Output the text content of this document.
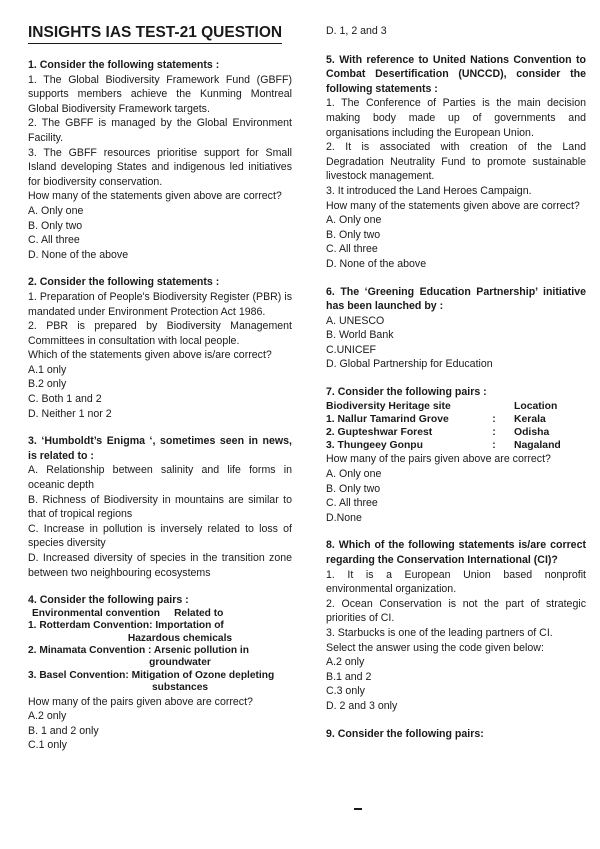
INSIGHTS IAS TEST-21 QUESTION
1. Consider the following statements :
1. The Global Biodiversity Framework Fund (GBFF) supports members achieve the Kunming Montreal Global Biodiversity Framework targets.
2. The GBFF is managed by the Global Environment Facility.
3. The GBFF resources prioritise support for Small Island developing States and indigenous led initiatives for biodiversity conservation.
How many of the statements given above are correct?
A. Only one
B. Only two
C. All three
D. None of the above
2. Consider the following statements :
1. Preparation of People's Biodiversity Register (PBR) is mandated under Environment Protection Act 1986.
2. PBR is prepared by Biodiversity Management Committees in consultation with local people.
Which of the statements given above is/are correct?
A.1 only
B.2 only
C. Both 1 and 2
D. Neither 1 nor 2
3. ‘Humboldt’s Enigma ‘, sometimes seen in news, is related to :
A. Relationship between salinity and life forms in oceanic depth
B. Richness of Biodiversity in mountains are similar to that of tropical regions
C. Increase in pollution is inversely related to loss of species diversity
D. Increased diversity of species in the transition zone between two neighbouring ecosystems
4. Consider the following pairs :
Environmental convention     Related to
1. Rotterdam Convention: Importation of
Hazardous chemicals
2. Minamata Convention : Arsenic pollution in
groundwater
3. Basel Convention: Mitigation of Ozone depleting
substances
How many of the pairs given above are correct?
A.2 only
B. 1 and 2 only
C.1 only
D. 1, 2 and 3
5. With reference to United Nations Convention to Combat Desertification (UNCCD), consider the following statements :
1. The Conference of Parties is the main decision making body made up of governments and organisations including the European Union.
2. It is associated with creation of the Land Degradation Neutrality Fund to promote sustainable livestock management.
3. It introduced the Land Heroes Campaign.
How many of the statements given above are correct?
A. Only one
B. Only two
C. All three
D. None of the above
6. The ‘Greening Education Partnership’ initiative has been launched by :
A. UNESCO
B. World Bank
C.UNICEF
D. Global Partnership for Education
7. Consider the following pairs :
Biodiversity Heritage site	Location
1. Nallur Tamarind Grove	:	Kerala
2. Gupteshwar Forest	:	Odisha
3. Thungeey Gonpu	:	Nagaland
How many of the pairs given above are correct?
A. Only one
B. Only two
C. All three
D.None
8. Which of the following statements is/are correct regarding the Conservation International (CI)?
1. It is a European Union based nonprofit environmental organization.
2. Ocean Conservation is not the part of strategic priorities of CI.
3. Starbucks is one of the leading partners of CI.
Select the answer using the code given below:
A.2 only
B.1 and 2
C.3 only
D. 2 and 3 only
9. Consider the following pairs:
